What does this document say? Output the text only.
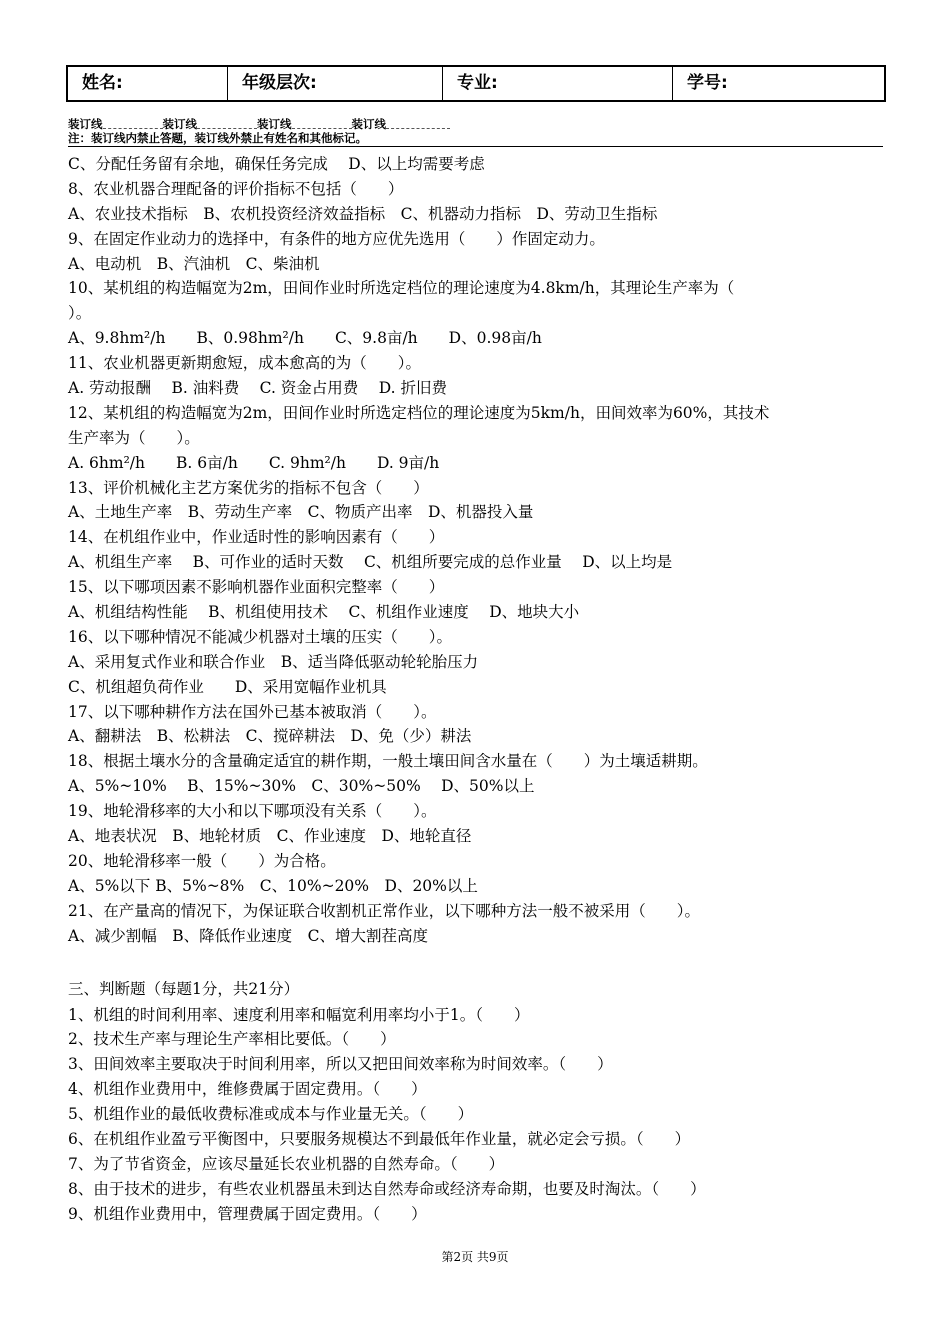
姓名:	年级层次:	专业:	学号:
装订线	装订线	装订线	装订线
注：装订线内禁止答题，装订线外禁止有姓名和其他标记。
C、分配任务留有余地，确保任务完成　 D、以上均需要考虑
8、农业机器合理配备的评价指标不包括（　　）
A、农业技术指标　B、农机投资经济效益指标　C、机器动力指标　D、劳动卫生指标
9、在固定作业动力的选择中，有条件的地方应优先选用（　　）作固定动力。
A、电动机　B、汽油机　C、柴油机
10、某机组的构造幅宽为2m，田间作业时所选定档位的理论速度为4.8km/h，其理论生产率为（
）。
A、9.8hm²/h　　B、0.98hm²/h　　C、9.8亩/h　　D、0.98亩/h
11、农业机器更新期愈短，成本愈高的为（　　）。
A. 劳动报酬　 B. 油料费　 C. 资金占用费　 D. 折旧费
12、某机组的构造幅宽为2m，田间作业时所选定档位的理论速度为5km/h，田间效率为60%，其技术
生产率为（　　）。
A. 6hm²/h　　B. 6亩/h　　C. 9hm²/h　　D. 9亩/h
13、评价机械化主艺方案优劣的指标不包含（　　）
A、土地生产率　B、劳动生产率　C、物质产出率　D、机器投入量
14、在机组作业中，作业适时性的影响因素有（　　）
A、机组生产率　 B、可作业的适时天数　 C、机组所要完成的总作业量　 D、以上均是
15、以下哪项因素不影响机器作业面积完整率（　　）
A、机组结构性能　 B、机组使用技术　 C、机组作业速度　 D、地块大小
16、以下哪种情况不能减少机器对土壤的压实（　　）。
A、采用复式作业和联合作业　B、适当降低驱动轮轮胎压力
C、机组超负荷作业　　D、采用宽幅作业机具
17、以下哪种耕作方法在国外已基本被取消（　　）。
A、翻耕法　B、松耕法　C、搅碎耕法　D、免（少）耕法
18、根据土壤水分的含量确定适宜的耕作期，一般土壤田间含水量在（　　）为土壤适耕期。
A、5%~10%　 B、15%~30%　C、30%~50%　 D、50%以上
19、地轮滑移率的大小和以下哪项没有关系（　　）。
A、地表状况　B、地轮材质　C、作业速度　D、地轮直径
20、地轮滑移率一般（　　）为合格。
A、5%以下 B、5%~8%　C、10%~20%　D、20%以上
21、在产量高的情况下，为保证联合收割机正常作业，以下哪种方法一般不被采用（　　）。
A、减少割幅　B、降低作业速度　C、增大割茬高度
三、判断题（每题1分，共21分）
1、机组的时间利用率、速度利用率和幅宽利用率均小于1。（　　）
2、技术生产率与理论生产率相比要低。（　　）
3、田间效率主要取决于时间利用率，所以又把田间效率称为时间效率。（　　）
4、机组作业费用中，维修费属于固定费用。（　　）
5、机组作业的最低收费标准或成本与作业量无关。（　　）
6、在机组作业盈亏平衡图中，只要服务规模达不到最低年作业量，就必定会亏损。（　　）
7、为了节省资金，应该尽量延长农业机器的自然寿命。（　　）
8、由于技术的进步，有些农业机器虽未到达自然寿命或经济寿命期，也要及时淘汰。（　　）
9、机组作业费用中，管理费属于固定费用。（　　）
第2页 共9页
